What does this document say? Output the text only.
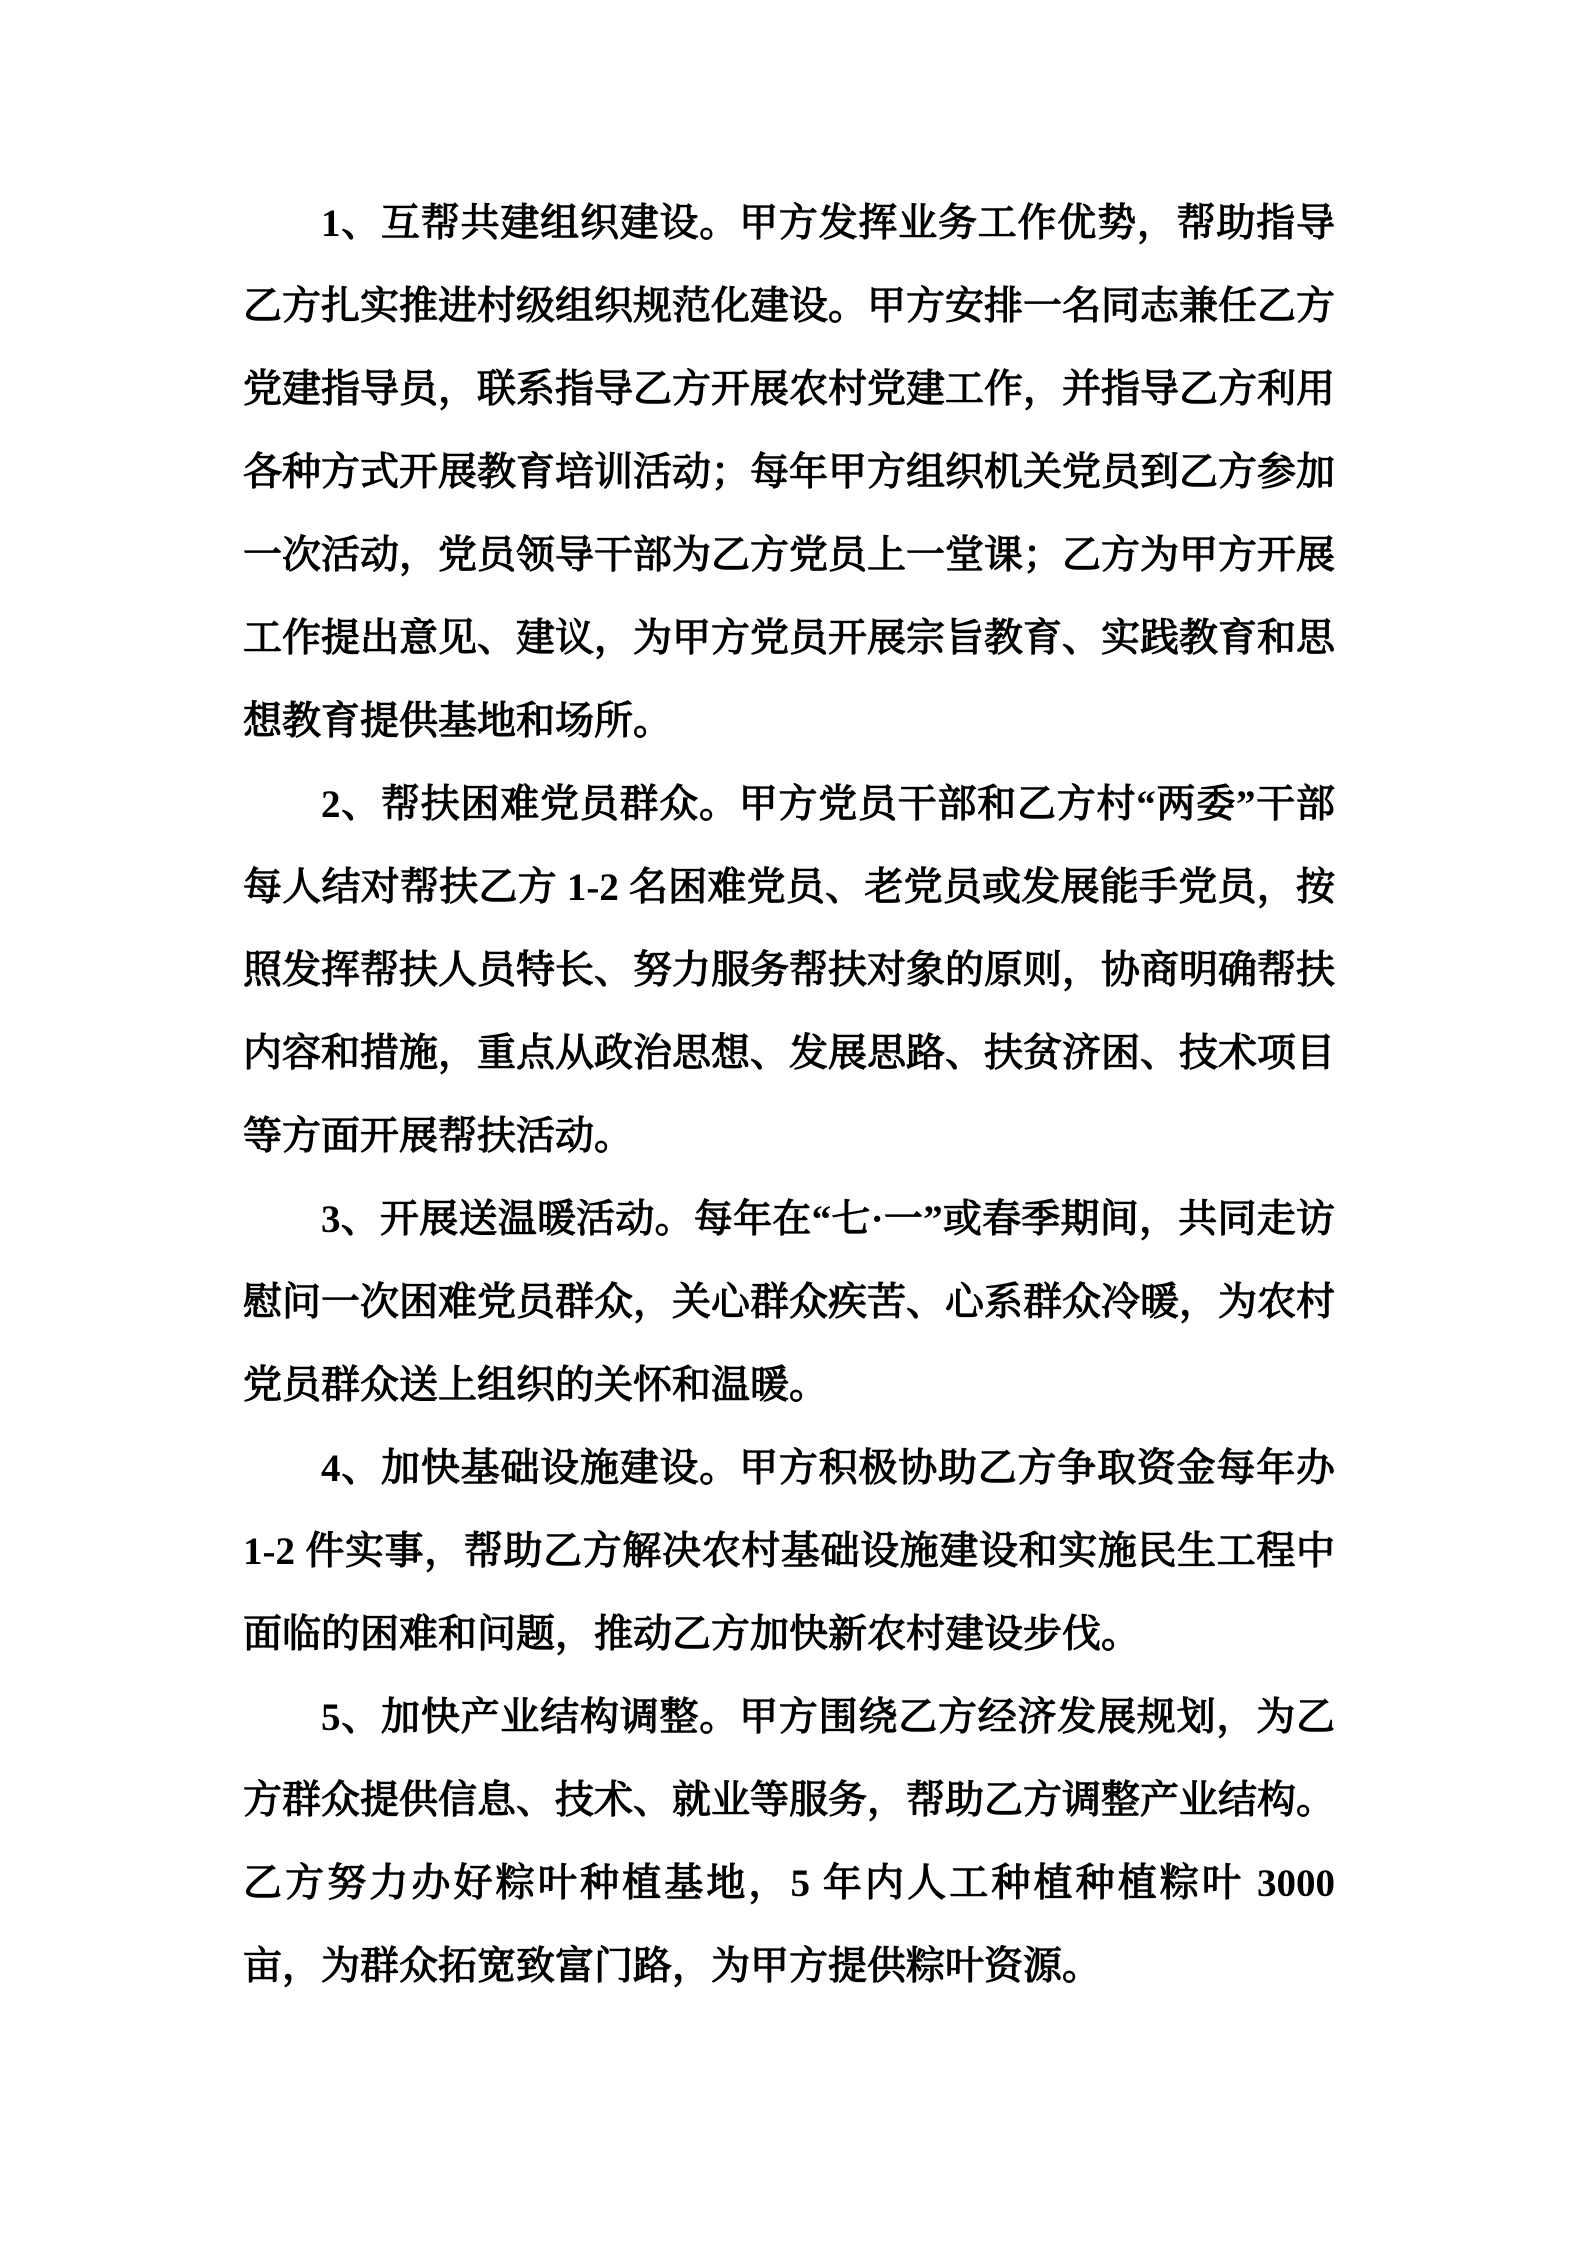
1、互帮共建组织建设。甲方发挥业务工作优势，帮助指导乙方扎实推进村级组织规范化建设。甲方安排一名同志兼任乙方党建指导员，联系指导乙方开展农村党建工作，并指导乙方利用各种方式开展教育培训活动；每年甲方组织机关党员到乙方参加一次活动，党员领导干部为乙方党员上一堂课；乙方为甲方开展工作提出意见、建议，为甲方党员开展宗旨教育、实践教育和思想教育提供基地和场所。

2、帮扶困难党员群众。甲方党员干部和乙方村“两委”干部每人结对帮扶乙方 1-2 名困难党员、老党员或发展能手党员，按照发挥帮扶人员特长、努力服务帮扶对象的原则，协商明确帮扶内容和措施，重点从政治思想、发展思路、扶贫济困、技术项目等方面开展帮扶活动。

3、开展送温暖活动。每年在“七·一”或春季期间，共同走访慰问一次困难党员群众，关心群众疾苦、心系群众冷暖，为农村党员群众送上组织的关怀和温暖。

4、加快基础设施建设。甲方积极协助乙方争取资金每年办 1-2 件实事，帮助乙方解决农村基础设施建设和实施民生工程中面临的困难和问题，推动乙方加快新农村建设步伐。

5、加快产业结构调整。甲方围绕乙方经济发展规划，为乙方群众提供信息、技术、就业等服务，帮助乙方调整产业结构。乙方努力办好粽叶种植基地，5 年内人工种植种植粽叶 3000 亩，为群众拓宽致富门路，为甲方提供粽叶资源。
